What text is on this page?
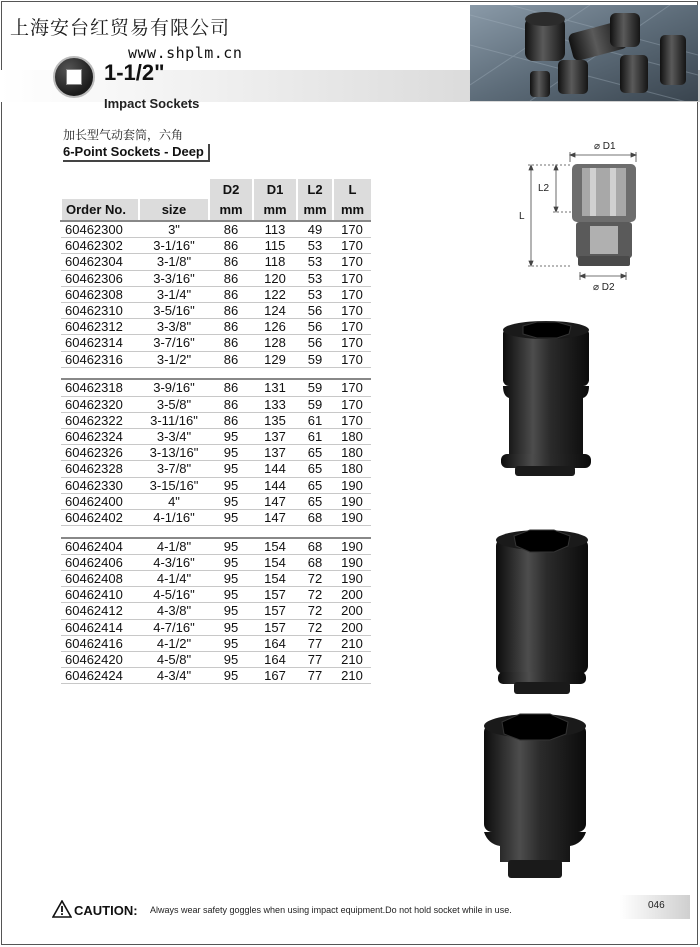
上海安台红贸易有限公司
www.shplm.cn
1-1/2"
Impact Sockets
加长型气动套筒，六角
6-Point Sockets - Deep
		D2	D1	L2	L
Order No.	size	mm	mm	mm	mm
60462300	3"	86	113	49	170
60462302	3-1/16"	86	115	53	170
60462304	3-1/8"	86	118	53	170
60462306	3-3/16"	86	120	53	170
60462308	3-1/4"	86	122	53	170
60462310	3-5/16"	86	124	56	170
60462312	3-3/8"	86	126	56	170
60462314	3-7/16"	86	128	56	170
60462316	3-1/2"	86	129	59	170

60462318	3-9/16"	86	131	59	170
60462320	3-5/8"	86	133	59	170
60462322	3-11/16"	86	135	61	170
60462324	3-3/4"	95	137	61	180
60462326	3-13/16"	95	137	65	180
60462328	3-7/8"	95	144	65	180
60462330	3-15/16"	95	144	65	190
60462400	4"	95	147	65	190
60462402	4-1/16"	95	147	68	190

60462404	4-1/8"	95	154	68	190
60462406	4-3/16"	95	154	68	190
60462408	4-1/4"	95	154	72	190
60462410	4-5/16"	95	157	72	200
60462412	4-3/8"	95	157	72	200
60462414	4-7/16"	95	157	72	200
60462416	4-1/2"	95	164	77	210
60462420	4-5/8"	95	164	77	210
60462424	4-3/4"	95	167	77	210
⌀ D1
L2
L
⌀ D2
CAUTION: Always wear safety goggles when using impact equipment.Do not hold socket while in use.	046
